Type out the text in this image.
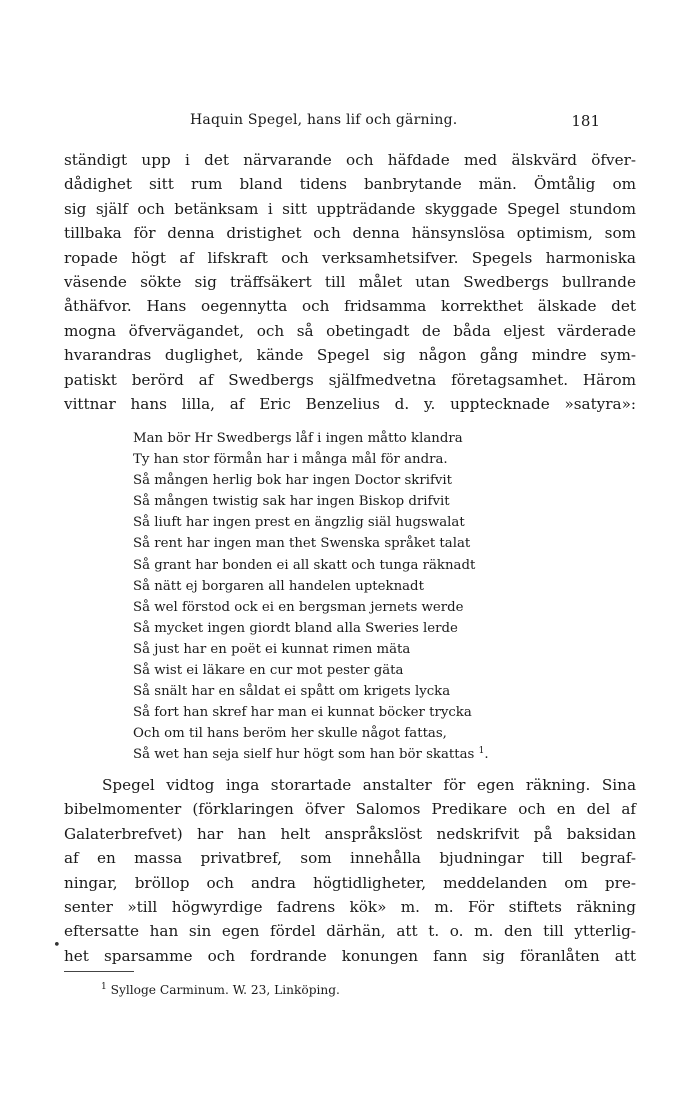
Haquin Spegel, hans lif och gärning.	181
ständigt upp i det närvarande och häfdade med älskvärd öfver-
dådighet sitt rum bland tidens banbrytande män. Ömtålig om
sig själf och betänksam i sitt uppträdande skyggade Spegel stundom
tillbaka för denna dristighet och denna hänsynslösa optimism, som
ropade högt af lifskraft och verksamhetsifver. Spegels harmoniska
väsende sökte sig träffsäkert till målet utan Swedbergs bullrande
åthäfvor. Hans oegennytta och fridsamma korrekthet älskade det
mogna öfvervägandet, och så obetingadt de båda eljest värderade
hvarandras duglighet, kände Spegel sig någon gång mindre sym-
patiskt berörd af Swedbergs själfmedvetna företagsamhet. Härom
vittnar hans lilla, af Eric Benzelius d. y. upptecknade »satyra»:
Man bör Hr Swedbergs låf i ingen måtto klandra
Ty han stor förmån har i många mål för andra.
Så mången herlig bok har ingen Doctor skrifvit
Så mången twistig sak har ingen Biskop drifvit
Så liuft har ingen prest en ängzlig siäl hugswalat
Så rent har ingen man thet Swenska språket talat
Så grant har bonden ei all skatt och tunga räknadt
Så nätt ej borgaren all handelen upteknadt
Så wel förstod ock ei en bergsman jernets werde
Så mycket ingen giordt bland alla Sweries lerde
Så just har en poët ei kunnat rimen mäta
Så wist ei läkare en cur mot pester gäta
Så snält har en såldat ei spått om krigets lycka
Så fort han skref har man ei kunnat böcker trycka
Och om til hans beröm her skulle något fattas,
Så wet han seja sielf hur högt som han bör skattas $^1$.
Spegel vidtog inga storartade anstalter för egen räkning. Sina
bibelmomenter (förklaringen öfver Salomos Predikare och en del af
Galaterbrefvet) har han helt anspråkslöst nedskrifvit på baksidan
af en massa privatbref, som innehålla bjudningar till begraf-
ningar, bröllop och andra högtidligheter, meddelanden om pre-
senter »till högwyrdige fadrens kök» m. m. För stiftets räkning
eftersatte han sin egen fördel därhän, att t. o. m. den till ytterlig-
het sparsamme och fordrande konungen fann sig föranlåten att
•
$^1$ Sylloge Carminum. W. 23, Linköping.
